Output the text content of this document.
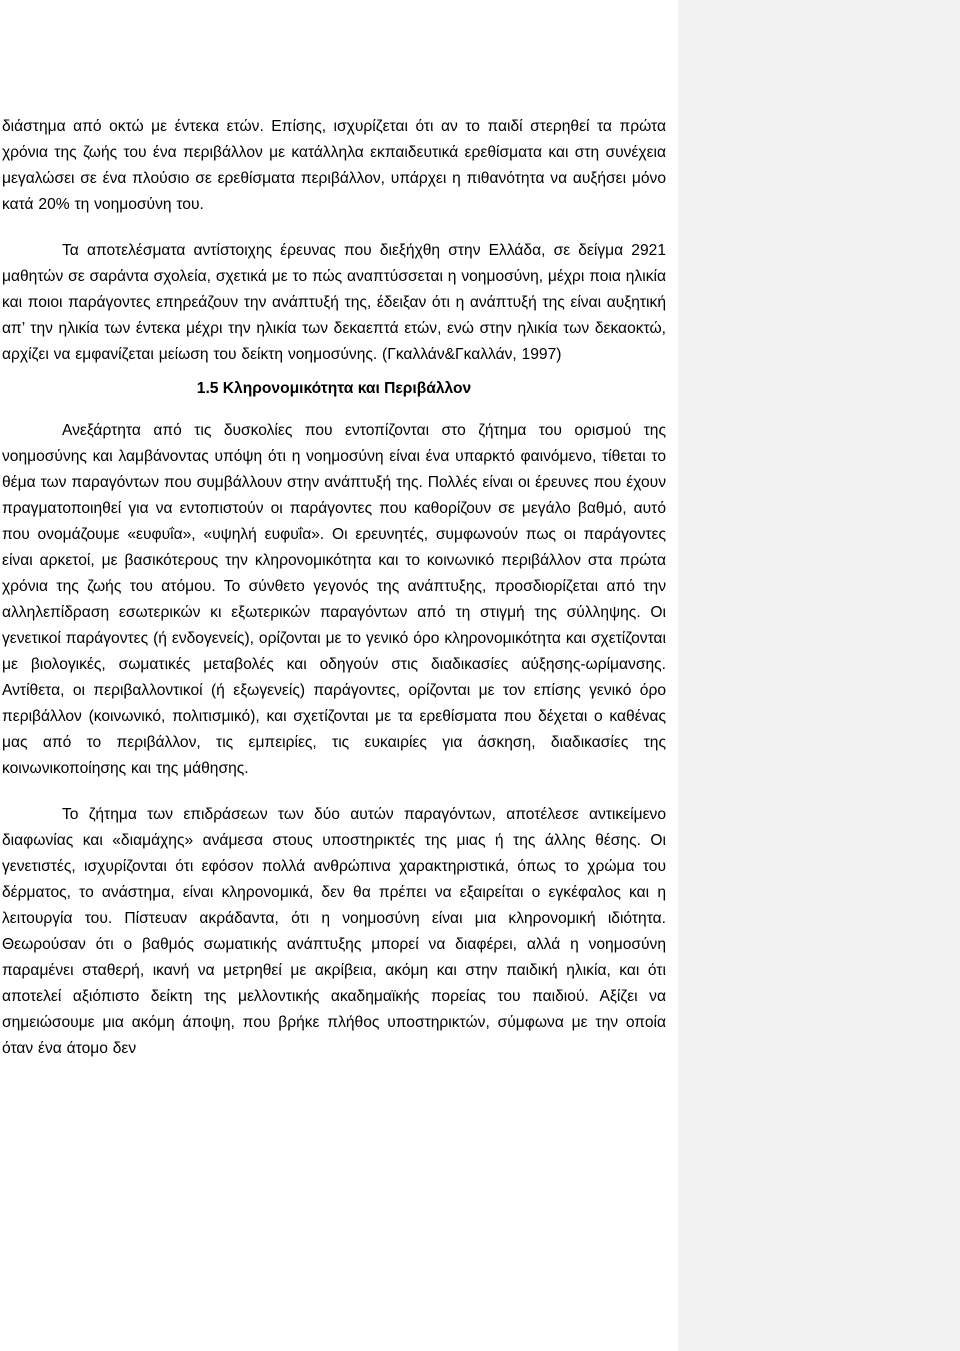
διάστημα από οκτώ με έντεκα ετών. Επίσης, ισχυρίζεται ότι αν το παιδί στερηθεί τα πρώτα χρόνια της ζωής του ένα περιβάλλον με κατάλληλα εκπαιδευτικά ερεθίσματα και στη συνέχεια μεγαλώσει σε ένα πλούσιο σε ερεθίσματα περιβάλλον, υπάρχει η πιθανότητα να αυξήσει μόνο κατά 20% τη νοημοσύνη του.

Τα αποτελέσματα αντίστοιχης έρευνας που διεξήχθη στην Ελλάδα, σε δείγμα 2921 μαθητών σε σαράντα σχολεία, σχετικά με το πώς αναπτύσσεται η νοημοσύνη, μέχρι ποια ηλικία και ποιοι παράγοντες επηρεάζουν την ανάπτυξή της, έδειξαν ότι η ανάπτυξή της είναι αυξητική απ’ την ηλικία των έντεκα μέχρι την ηλικία των δεκαεπτά ετών, ενώ στην ηλικία των δεκαοκτώ, αρχίζει να εμφανίζεται μείωση του δείκτη νοημοσύνης. (Γκαλλάν&Γκαλλάν, 1997)

1.5 Κληρονομικότητα και Περιβάλλον

Ανεξάρτητα από τις δυσκολίες που εντοπίζονται στο ζήτημα του ορισμού της νοημοσύνης και λαμβάνοντας υπόψη ότι η νοημοσύνη είναι ένα υπαρκτό φαινόμενο, τίθεται το θέμα των παραγόντων που συμβάλλουν στην ανάπτυξή της. Πολλές είναι οι έρευνες που έχουν πραγματοποιηθεί για να εντοπιστούν οι παράγοντες που καθορίζουν σε μεγάλο βαθμό, αυτό που ονομάζουμε «ευφυΐα», «υψηλή ευφυΐα». Οι ερευνητές, συμφωνούν πως οι παράγοντες είναι αρκετοί, με βασικότερους την κληρονομικότητα και το κοινωνικό περιβάλλον στα πρώτα χρόνια της ζωής του ατόμου. Το σύνθετο γεγονός της ανάπτυξης, προσδιορίζεται από την αλληλεπίδραση εσωτερικών κι εξωτερικών παραγόντων από τη στιγμή της σύλληψης. Οι γενετικοί παράγοντες (ή ενδογενείς), ορίζονται με το γενικό όρο κληρονομικότητα και σχετίζονται με βιολογικές, σωματικές μεταβολές και οδηγούν στις διαδικασίες αύξησης-ωρίμανσης. Αντίθετα, οι περιβαλλοντικοί (ή εξωγενείς) παράγοντες, ορίζονται με τον επίσης γενικό όρο περιβάλλον (κοινωνικό, πολιτισμικό), και σχετίζονται με τα ερεθίσματα που δέχεται ο καθένας μας από το περιβάλλον, τις εμπειρίες, τις ευκαιρίες για άσκηση, διαδικασίες της κοινωνικοποίησης και της μάθησης.

Το ζήτημα των επιδράσεων των δύο αυτών παραγόντων, αποτέλεσε αντικείμενο διαφωνίας και «διαμάχης» ανάμεσα στους υποστηρικτές της μιας ή της άλλης θέσης. Οι γενετιστές, ισχυρίζονται ότι εφόσον πολλά ανθρώπινα χαρακτηριστικά, όπως το χρώμα του δέρματος, το ανάστημα, είναι κληρονομικά, δεν θα πρέπει να εξαιρείται ο εγκέφαλος και η λειτουργία του. Πίστευαν ακράδαντα, ότι η νοημοσύνη είναι μια κληρονομική ιδιότητα. Θεωρούσαν ότι ο βαθμός σωματικής ανάπτυξης μπορεί να διαφέρει, αλλά η νοημοσύνη παραμένει σταθερή, ικανή να μετρηθεί με ακρίβεια, ακόμη και στην παιδική ηλικία, και ότι αποτελεί αξιόπιστο δείκτη της μελλοντικής ακαδημαϊκής πορείας του παιδιού. Αξίζει να σημειώσουμε μια ακόμη άποψη, που βρήκε πλήθος υποστηρικτών, σύμφωνα με την οποία όταν ένα άτομο δεν
